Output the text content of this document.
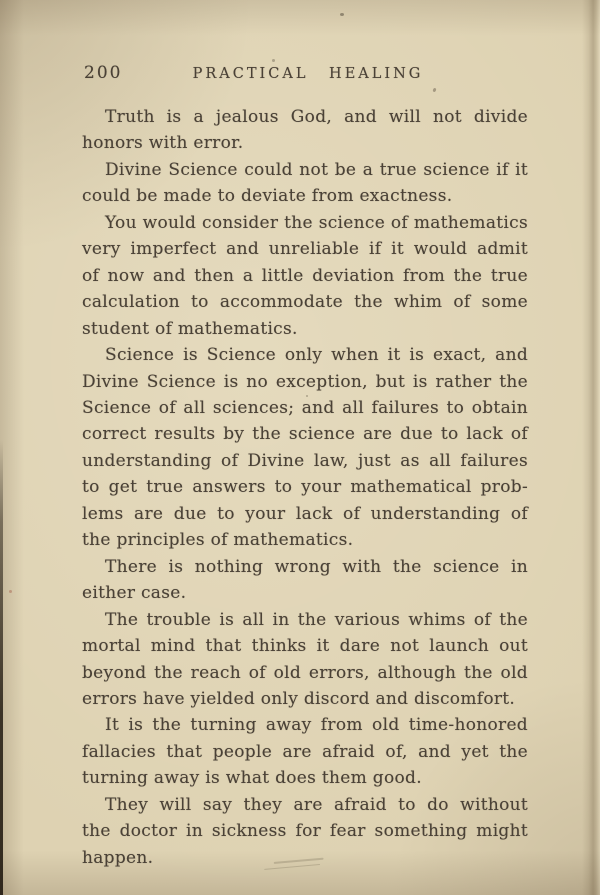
200	PRACTICAL HEALING
Truth is a jealous God, and will not divide
honors with error.
Divine Science could not be a true science if it
could be made to deviate from exactness.
You would consider the science of mathematics
very imperfect and unreliable if it would admit
of now and then a little deviation from the true
calculation to accommodate the whim of some
student of mathematics.
Science is Science only when it is exact, and
Divine Science is no exception, but is rather the
Science of all sciences; and all failures to obtain
correct results by the science are due to lack of
understanding of Divine law, just as all failures
to get true answers to your mathematical prob-
lems are due to your lack of understanding of
the principles of mathematics.
There is nothing wrong with the science in
either case.
The trouble is all in the various whims of the
mortal mind that thinks it dare not launch out
beyond the reach of old errors, although the old
errors have yielded only discord and discomfort.
It is the turning away from old time-honored
fallacies that people are afraid of, and yet the
turning away is what does them good.
They will say they are afraid to do without
the doctor in sickness for fear something might
happen.
